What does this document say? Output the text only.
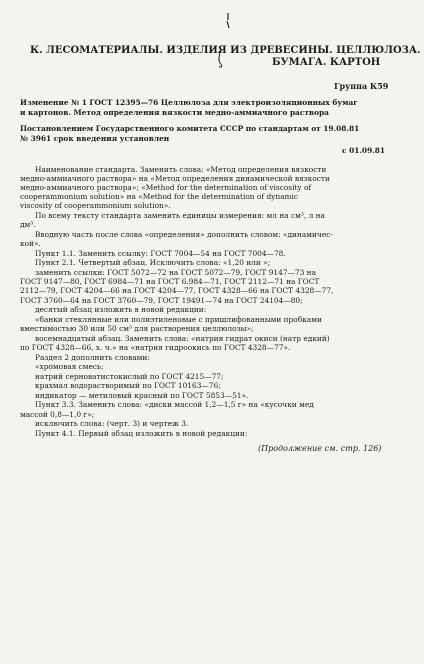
К. ЛЕСОМАТЕРИАЛЫ. ИЗДЕЛИЯ ИЗ ДРЕВЕСИНЫ. ЦЕЛЛЮЛОЗА.
БУМАГА. КАРТОН
Группа К59
Изменение № 1 ГОСТ 12395—76 Целлюлоза для электроизоляционных бумаг
и картонов. Метод определения вязкости медно-аммиачного раствора
Постановлением Государственного комитета СССР по стандартам от 19.08.81
№ 3961 срок введения установлен
с 01.09.81
Наименование стандарта. Заменить слова: «Метод определения вязкости
медно-аммиачного раствора» на «Метод определения динамической вязкости
медно-аммиачного раствора»; «Method for the determination of viscosity of
cooperammonium solution» на «Method for the determination of dynamic
viscosity of cooperammonium solution».
По всему тексту стандарта заменить единицы измерения: мл на см³, л на
дм³.
Вводную часть после слова «определения» дополнить словом: «динамичес-
кой».
Пункт 1.1. Заменить ссылку: ГОСТ 7004—54 на ГОСТ 7004—78.
Пункт 2.1. Четвертый абзац. Исключить слова: «1,20 или »;
заменить ссылки: ГОСТ 5072—72 на ГОСТ 5072—79, ГОСТ 9147—73 на
ГОСТ 9147—80, ГОСТ 6984—71 на ГОСТ 6.984—71, ГОСТ 2112—71 на ГОСТ
2112—79, ГОСТ 4204—66 на ГОСТ 4204—77, ГОСТ 4328—66 на ГОСТ 4328—77,
ГОСТ 3760—64 на ГОСТ 3760—79, ГОСТ 19491—74 на ГОСТ 24104—80;
десятый абзац изложить в новой редакции:
«банки стеклянные или полиэтиленовые с пришлифованными пробками
вместимостью 30 или 50 см³ для растворения целлюлозы»;
восемнадцатый абзац. Заменить слова: «натрия гидрат окиси (натр едкий)
по ГОСТ 4328—66, х. ч.» на «натрия гидроокись по ГОСТ 4328—77».
Раздел 2 дополнить словами:
«хромовая смесь;
натрий серноватистокислый по ГОСТ 4215—77;
крахмал водорастворимый по ГОСТ 10163—76;
индикатор — метиловый красный по ГОСТ 5853—51».
Пункт 3.3. Заменить слова: «диски массой 1,2—1,5 г» на «кусочки мед
массой 0,8—1,0 г»;
исключить слова: (черт. 3) и чертеж 3.
Пункт 4.1. Первый абзац изложить в новой редакции:
(Продолжение см. стр. 126)
